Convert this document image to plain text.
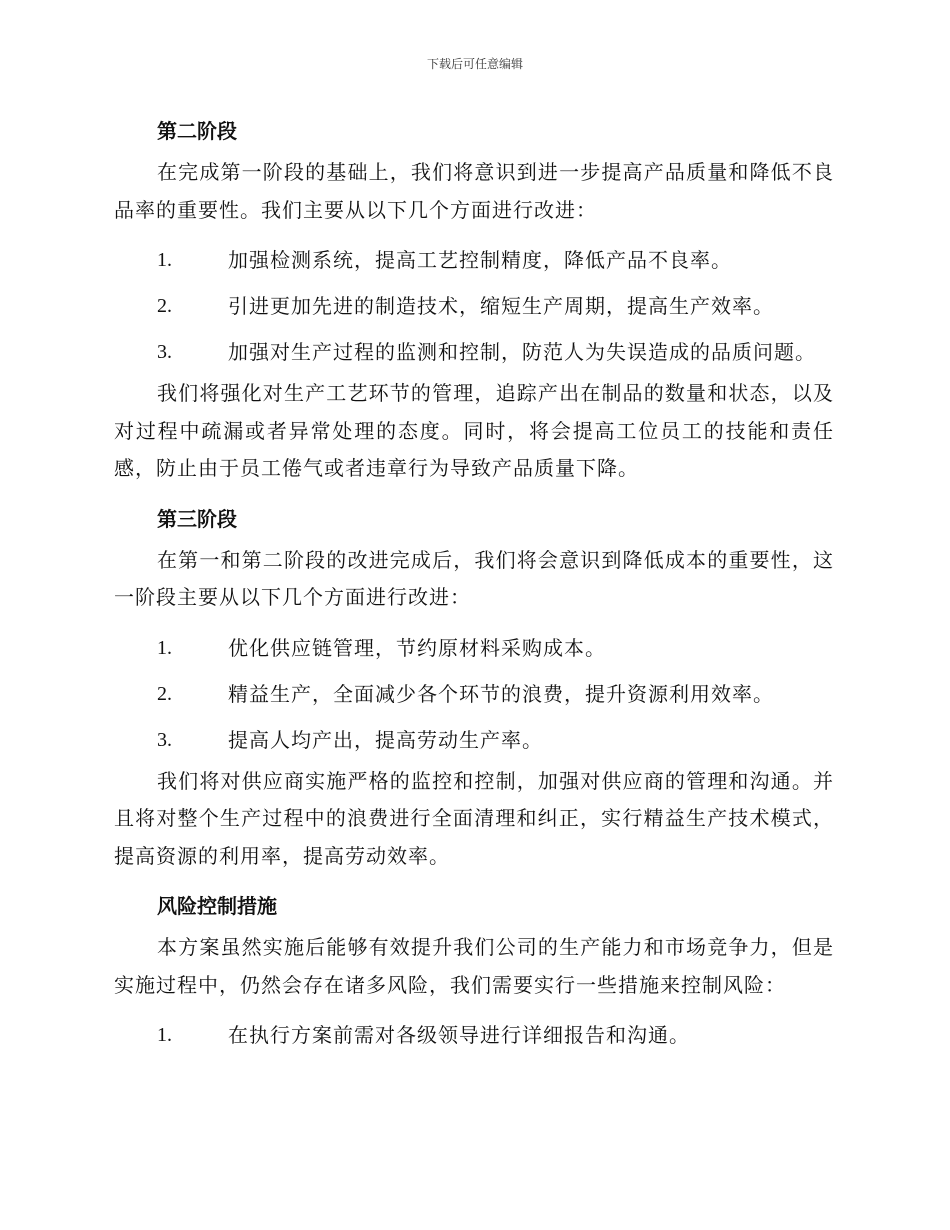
下载后可任意编辑
第二阶段
在完成第一阶段的基础上，我们将意识到进一步提高产品质量和降低不良品率的重要性。我们主要从以下几个方面进行改进：
1.	加强检测系统，提高工艺控制精度，降低产品不良率。
2.	引进更加先进的制造技术，缩短生产周期，提高生产效率。
3.	加强对生产过程的监测和控制，防范人为失误造成的品质问题。
我们将强化对生产工艺环节的管理，追踪产出在制品的数量和状态，以及对过程中疏漏或者异常处理的态度。同时，将会提高工位员工的技能和责任感，防止由于员工倦气或者违章行为导致产品质量下降。
第三阶段
在第一和第二阶段的改进完成后，我们将会意识到降低成本的重要性，这一阶段主要从以下几个方面进行改进：
1.	优化供应链管理，节约原材料采购成本。
2.	精益生产，全面减少各个环节的浪费，提升资源利用效率。
3.	提高人均产出，提高劳动生产率。
我们将对供应商实施严格的监控和控制，加强对供应商的管理和沟通。并且将对整个生产过程中的浪费进行全面清理和纠正，实行精益生产技术模式，提高资源的利用率，提高劳动效率。
风险控制措施
本方案虽然实施后能够有效提升我们公司的生产能力和市场竞争力，但是实施过程中，仍然会存在诸多风险，我们需要实行一些措施来控制风险：
1.	在执行方案前需对各级领导进行详细报告和沟通。
